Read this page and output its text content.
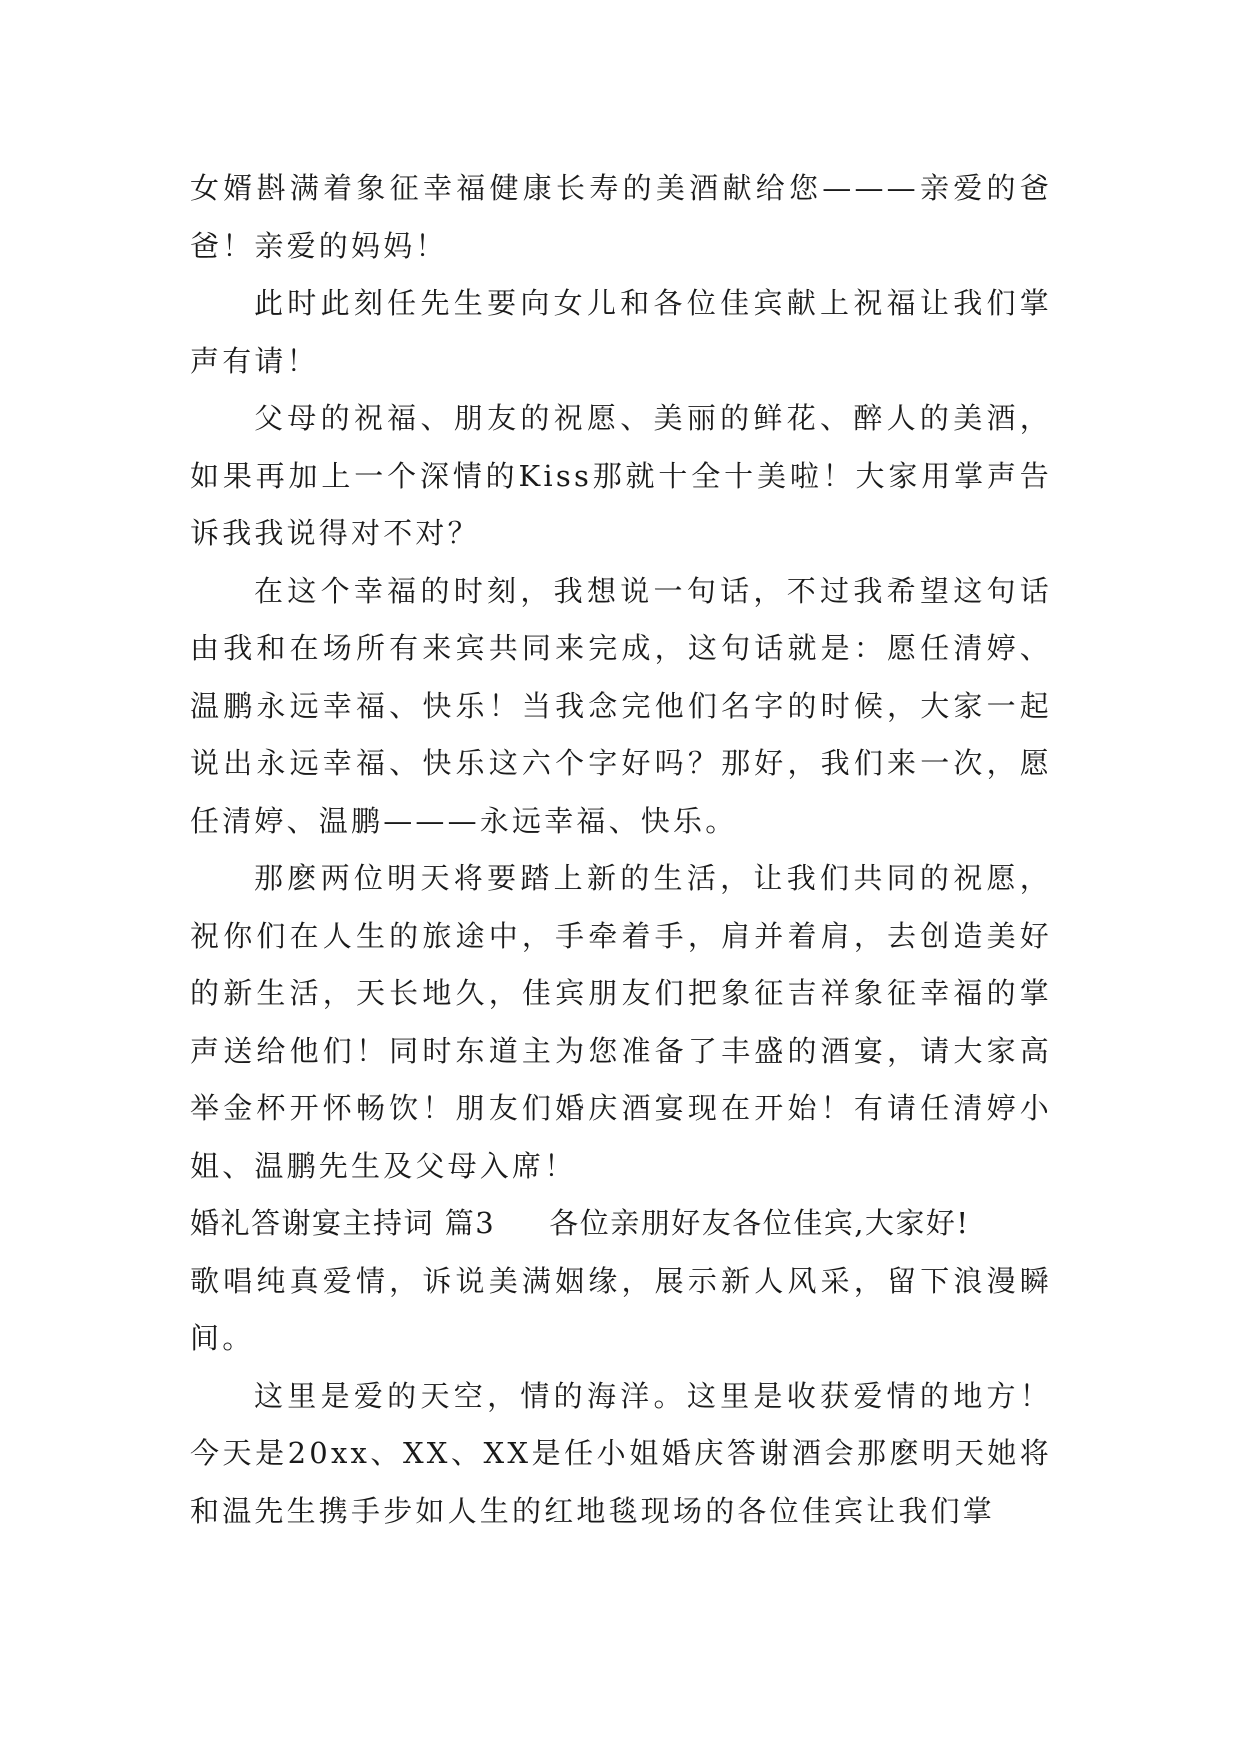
女婿斟满着象征幸福健康长寿的美酒献给您———亲爱的爸爸！亲爱的妈妈！

此时此刻任先生要向女儿和各位佳宾献上祝福让我们掌声有请！

父母的祝福、朋友的祝愿、美丽的鲜花、醉人的美酒，如果再加上一个深情的Kiss那就十全十美啦！大家用掌声告诉我我说得对不对？

在这个幸福的时刻，我想说一句话，不过我希望这句话由我和在场所有来宾共同来完成，这句话就是：愿任清婷、温鹏永远幸福、快乐！当我念完他们名字的时候，大家一起说出永远幸福、快乐这六个字好吗？那好，我们来一次，愿任清婷、温鹏———永远幸福、快乐。

那麽两位明天将要踏上新的生活，让我们共同的祝愿，祝你们在人生的旅途中，手牵着手，肩并着肩，去创造美好的新生活，天长地久，佳宾朋友们把象征吉祥象征幸福的掌声送给他们！同时东道主为您准备了丰盛的酒宴，请大家高举金杯开怀畅饮！朋友们婚庆酒宴现在开始！有请任清婷小姐、温鹏先生及父母入席！

婚礼答谢宴主持词 篇3 各位亲朋好友各位佳宾,大家好!

歌唱纯真爱情，诉说美满姻缘，展示新人风采，留下浪漫瞬间。

这里是爱的天空，情的海洋。这里是收获爱情的地方！今天是20xx、XX、XX是任小姐婚庆答谢酒会那麽明天她将和温先生携手步如人生的红地毯现场的各位佳宾让我们掌
